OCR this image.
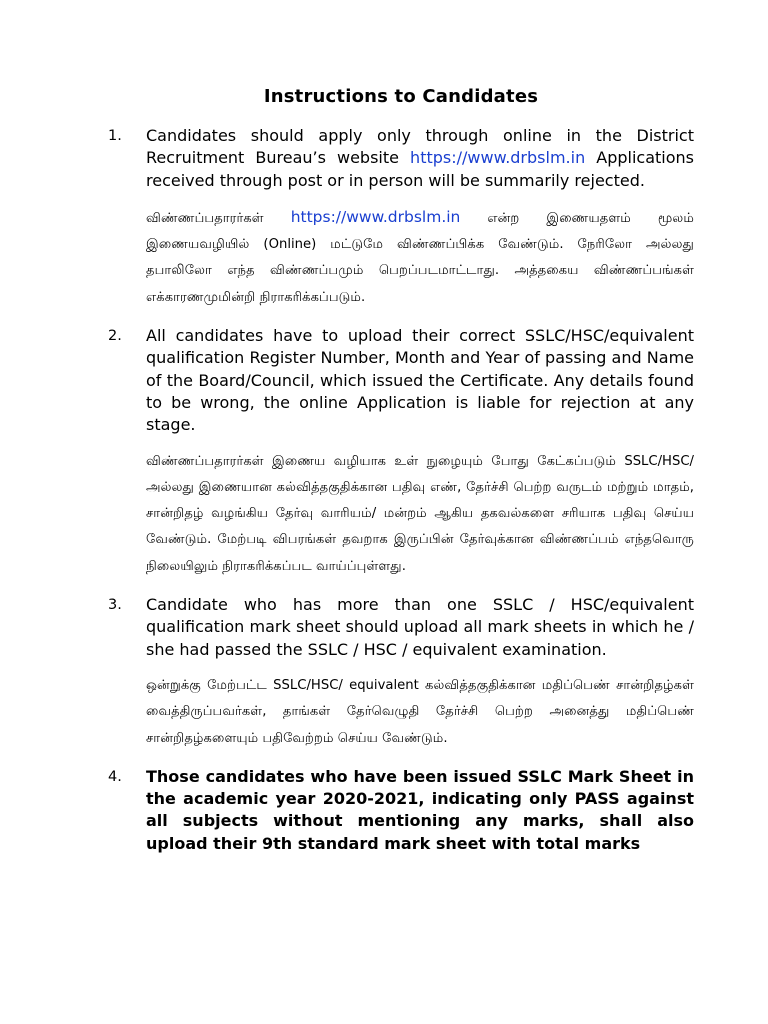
Instructions to Candidates
1. Candidates should apply only through online in the District Recruitment Bureau’s website https://www.drbslm.in Applications received through post or in person will be summarily rejected.

விண்ணப்பதாரர்கள் https://www.drbslm.in என்ற இணையதளம் மூலம் இணையவழியில் (Online) மட்டுமே விண்ணப்பிக்க வேண்டும். நேரிலோ அல்லது தபாலிலோ எந்த விண்ணப்பமும் பெறப்படமாட்டாது. அத்தகைய விண்ணப்பங்கள் எக்காரணமுமின்றி நிராகரிக்கப்படும்.

2. All candidates have to upload their correct SSLC/HSC/equivalent qualification Register Number, Month and Year of passing and Name of the Board/Council, which issued the Certificate. Any details found to be wrong, the online Application is liable for rejection at any stage.

விண்ணப்பதாரர்கள் இணைய வழியாக உள் நுழையும் போது கேட்கப்படும் SSLC/HSC/அல்லது இணையான கல்வித்தகுதிக்கான பதிவு எண், தேர்ச்சி பெற்ற வருடம் மற்றும் மாதம், சான்றிதழ் வழங்கிய தேர்வு வாரியம்/ மன்றம் ஆகிய தகவல்களை சரியாக பதிவு செய்ய வேண்டும். மேற்படி விபரங்கள் தவறாக இருப்பின் தேர்வுக்கான விண்ணப்பம் எந்தவொரு நிலையிலும் நிராகரிக்கப்பட வாய்ப்புள்ளது.

3. Candidate who has more than one SSLC / HSC/equivalent qualification mark sheet should upload all mark sheets in which he / she had passed the SSLC / HSC / equivalent examination.

ஒன்றுக்கு மேற்பட்ட SSLC/HSC/ equivalent கல்வித்தகுதிக்கான மதிப்பெண் சான்றிதழ்கள் வைத்திருப்பவர்கள், தாங்கள் தேர்வெழுதி தேர்ச்சி பெற்ற அனைத்து மதிப்பெண் சான்றிதழ்களையும் பதிவேற்றம் செய்ய வேண்டும்.

4. Those candidates who have been issued SSLC Mark Sheet in the academic year 2020-2021, indicating only PASS against all subjects without mentioning any marks, shall also upload their 9th standard mark sheet with total marks
